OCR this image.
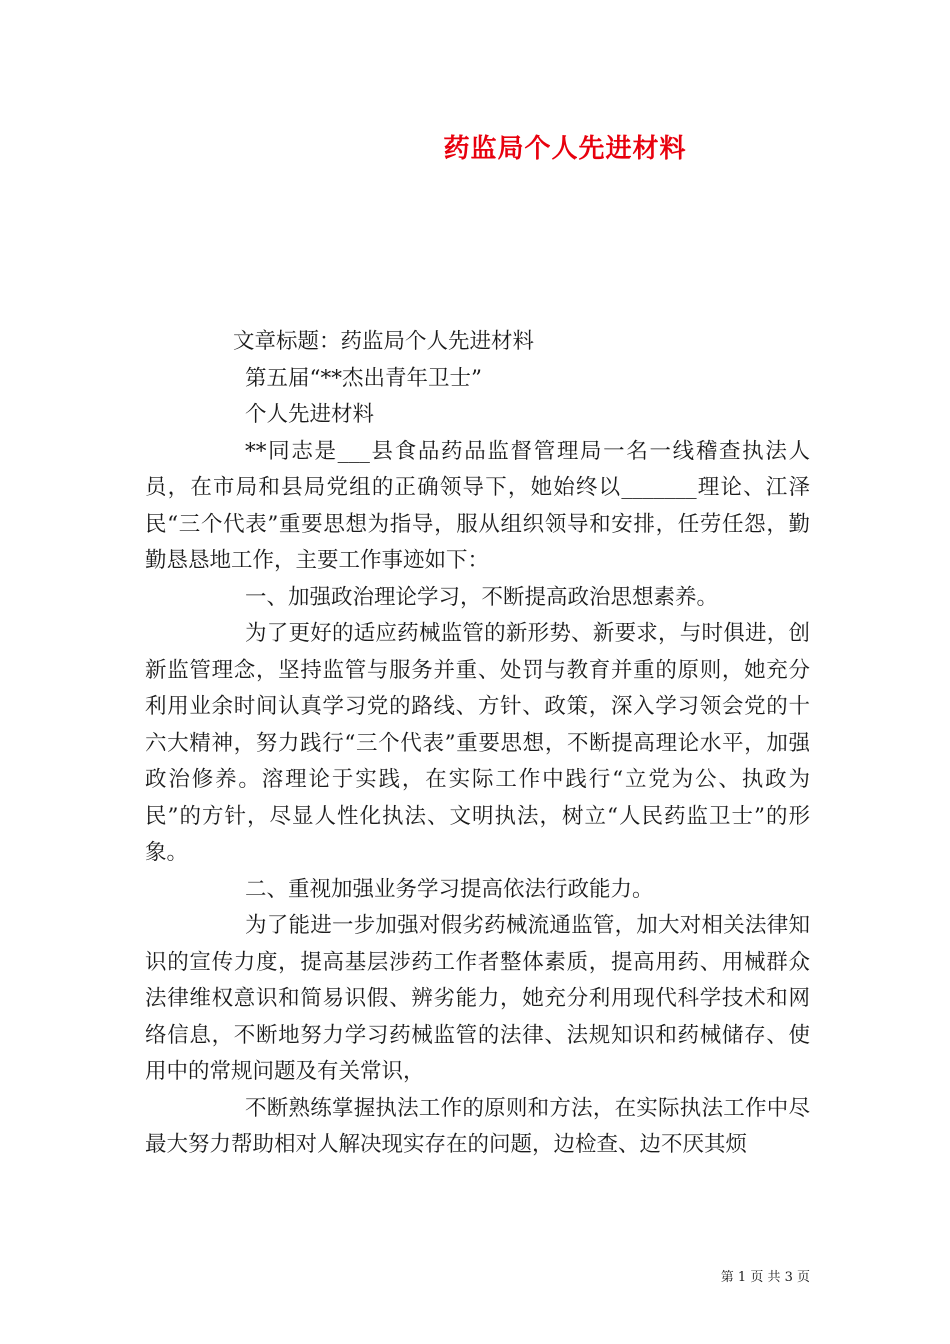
药监局个人先进材料

文章标题：药监局个人先进材料

第五届“**杰出青年卫士”

个人先进材料

**同志是___县食品药品监督管理局一名一线稽查执法人员，在市局和县局党组的正确领导下，她始终以_______理论、江泽民“三个代表”重要思想为指导，服从组织领导和安排，任劳任怨，勤勤恳恳地工作，主要工作事迹如下：

一、加强政治理论学习，不断提高政治思想素养。

为了更好的适应药械监管的新形势、新要求，与时俱进，创新监管理念，坚持监管与服务并重、处罚与教育并重的原则，她充分利用业余时间认真学习党的路线、方针、政策，深入学习领会党的十六大精神，努力践行“三个代表”重要思想，不断提高理论水平，加强政治修养。溶理论于实践，在实际工作中践行“立党为公、执政为民”的方针，尽显人性化执法、文明执法，树立“人民药监卫士”的形象。

二、重视加强业务学习提高依法行政能力。

为了能进一步加强对假劣药械流通监管，加大对相关法律知识的宣传力度，提高基层涉药工作者整体素质，提高用药、用械群众法律维权意识和简易识假、辨劣能力，她充分利用现代科学技术和网络信息，不断地努力学习药械监管的法律、法规知识和药械储存、使用中的常规问题及有关常识，

不断熟练掌握执法工作的原则和方法，在实际执法工作中尽最大努力帮助相对人解决现实存在的问题，边检查、边不厌其烦

第 1 页 共 3 页
